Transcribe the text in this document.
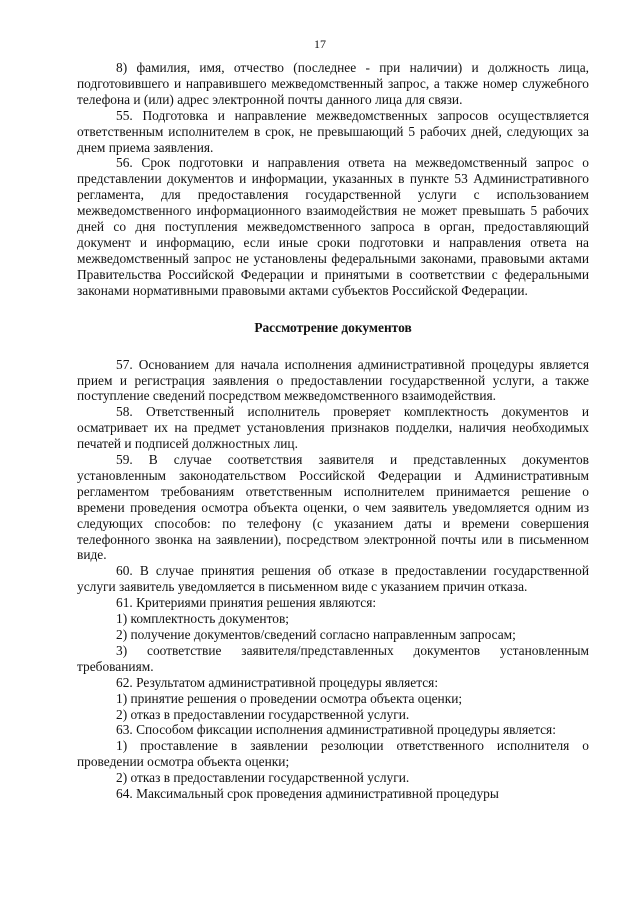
17

8) фамилия, имя, отчество (последнее - при наличии) и должность лица, подготовившего и направившего межведомственный запрос, а также номер служебного телефона и (или) адрес электронной почты данного лица для связи.

55. Подготовка и направление межведомственных запросов осуществляется ответственным исполнителем в срок, не превышающий 5 рабочих дней, следующих за днем приема заявления.

56. Срок подготовки и направления ответа на межведомственный запрос о представлении документов и информации, указанных в пункте 53 Административного регламента, для предоставления государственной услуги с использованием межведомственного информационного взаимодействия не может превышать 5 рабочих дней со дня поступления межведомственного запроса в орган, предоставляющий документ и информацию, если иные сроки подготовки и направления ответа на межведомственный запрос не установлены федеральными законами, правовыми актами Правительства Российской Федерации и принятыми в соответствии с федеральными законами нормативными правовыми актами субъектов Российской Федерации.

Рассмотрение документов

57. Основанием для начала исполнения административной процедуры является прием и регистрация заявления о предоставлении государственной услуги, а также поступление сведений посредством межведомственного взаимодействия.

58. Ответственный исполнитель проверяет комплектность документов и осматривает их на предмет установления признаков подделки, наличия необходимых печатей и подписей должностных лиц.

59. В случае соответствия заявителя и представленных документов установленным законодательством Российской Федерации и Административным регламентом требованиям ответственным исполнителем принимается решение о времени проведения осмотра объекта оценки, о чем заявитель уведомляется одним из следующих способов: по телефону (с указанием даты и времени совершения телефонного звонка на заявлении), посредством электронной почты или в письменном виде.

60. В случае принятия решения об отказе в предоставлении государственной услуги заявитель уведомляется в письменном виде с указанием причин отказа.

61. Критериями принятия решения являются:

1) комплектность документов;

2) получение документов/сведений согласно направленным запросам;

3) соответствие заявителя/представленных документов установленным требованиям.

62. Результатом административной процедуры является:

1) принятие решения о проведении осмотра объекта оценки;

2) отказ в предоставлении государственной услуги.

63. Способом фиксации исполнения административной процедуры является:

1) проставление в заявлении резолюции ответственного исполнителя о проведении осмотра объекта оценки;

2) отказ в предоставлении государственной услуги.

64. Максимальный срок проведения административной процедуры
